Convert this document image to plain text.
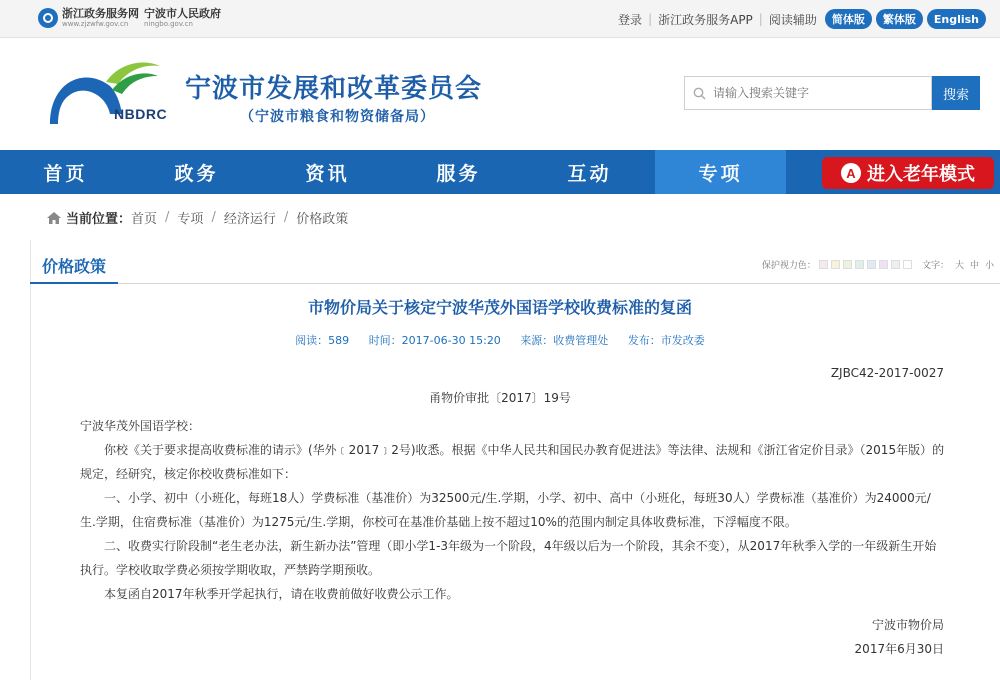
浙江政务服务网
www.zjzwfw.gov.cn
宁波市人民政府
ningbo.gov.cn	登录 | 浙江政务服务APP | 阅读辅助	简体版	繁体版	English
NBDRC
宁波市发展和改革委员会
（宁波市粮食和物资储备局）
请输入搜索关键字
搜索
首页	政务	资讯	服务	互动	专项	A 进入老年模式
当前位置： 首页 / 专项 / 经济运行 / 价格政策
价格政策	保护视力色：	文字： 大 中 小
市物价局关于核定宁波华茂外国语学校收费标准的复函
阅读：589 时间：2017-06-30 15:20 来源：收费管理处 发布：市发改委
ZJBC42-2017-0027
甬物价审批〔2017〕19号

宁波华茂外国语学校：

你校《关于要求提高收费标准的请示》(华外﹝2017﹞2号)收悉。根据《中华人民共和国民办教育促进法》等法律、法规和《浙江省定价目录》（2015年版）的规定，经研究，核定你校收费标准如下：

一、小学、初中（小班化，每班18人）学费标准（基准价）为32500元/生.学期，小学、初中、高中（小班化，每班30人）学费标准（基准价）为24000元/生.学期，住宿费标准（基准价）为1275元/生.学期，你校可在基准价基础上按不超过10%的范围内制定具体收费标准，下浮幅度不限。

二、收费实行阶段制“老生老办法，新生新办法”管理（即小学1-3年级为一个阶段，4年级以后为一个阶段，其余不变），从2017年秋季入学的一年级新生开始执行。学校收取学费必须按学期收取，严禁跨学期预收。

本复函自2017年秋季开学起执行，请在收费前做好收费公示工作。

宁波市物价局
2017年6月30日
